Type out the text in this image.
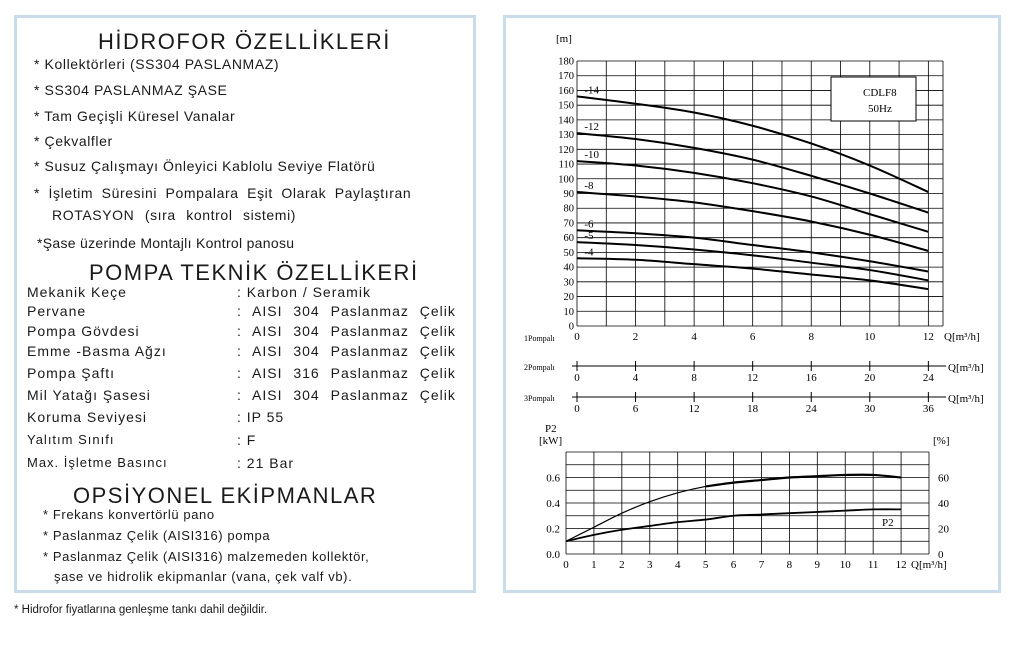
HİDROFOR ÖZELLİKLERİ
* Kollektörleri (SS304 PASLANMAZ)
* SS304 PASLANMAZ ŞASE
* Tam Geçişli Küresel Vanalar
* Çekvalfler
* Susuz Çalışmayı Önleyici Kablolu Seviye Flatörü
* İşletim Süresini Pompalara Eşit Olarak Paylaştıran
ROTASYON (sıra kontrol sistemi)
*Şase üzerinde Montajlı Kontrol panosu
POMPA TEKNİK ÖZELLİKERİ
Mekanik Keçe	: Karbon / Seramik
Pervane	: AISI 304 Paslanmaz Çelik
Pompa Gövdesi	: AISI 304 Paslanmaz Çelik
Emme -Basma Ağzı	: AISI 304 Paslanmaz Çelik
Pompa Şaftı	: AISI 316 Paslanmaz Çelik
Mil Yatağı Şasesi	: AISI 304 Paslanmaz Çelik
Koruma Seviyesi	: IP 55
Yalıtım Sınıfı	: F
Max. İşletme Basıncı	: 21 Bar
OPSİYONEL EKİPMANLAR
* Frekans konvertörlü pano
* Paslanmaz Çelik (AISI316) pompa
* Paslanmaz Çelik (AISI316) malzemeden kollektör,
şase ve hidrolik ekipmanlar (vana, çek valf vb).
[m]
0
10
20
30
40
50
60
70
80
90
100
110
120
130
140
150
160
170
180
0	2	4	6	8	10	12
-14
-12
-10
-8
-6
-5
-4
CDLF8
50Hz
1Pompalı	Q[m³/h]
0	4	8	12	16	20	24
2Pompalı	Q[m³/h]
0	6	12	18	24	30	36
3Pompalı	Q[m³/h]
P2
[kW]	[%]
0.0
0.2
0.4
0.6
0
20
40
60
0 1 2 3 4 5 6 7 8 9 10 11 12
P2
Q[m³/h]
* Hidrofor fiyatlarına genleşme tankı dahil değildir.
